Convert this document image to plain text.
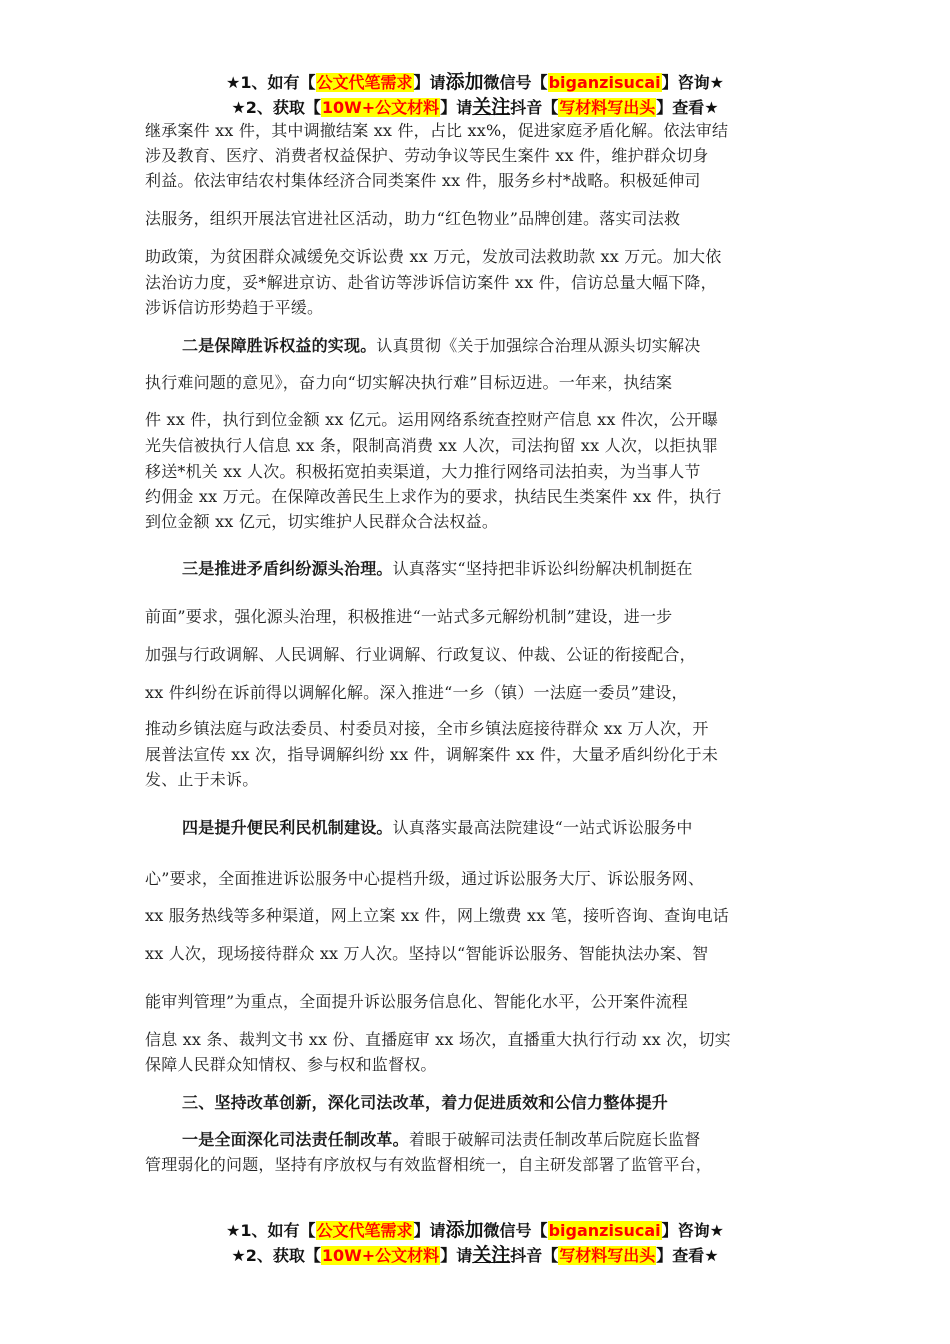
★1、如有【公文代笔需求】请添加微信号【biganzisucai】咨询★
★2、获取【10W+公文材料】请关注抖音【写材料写出头】查看★
继承案件 xx 件，其中调撤结案 xx 件，占比 xx%，促进家庭矛盾化解。依法审结
涉及教育、医疗、消费者权益保护、劳动争议等民生案件 xx 件，维护群众切身
利益。依法审结农村集体经济合同类案件 xx 件，服务乡村*战略。积极延伸司
法服务，组织开展法官进社区活动，助力“红色物业”品牌创建。落实司法救
助政策，为贫困群众减缓免交诉讼费 xx 万元，发放司法救助款 xx 万元。加大依
法治访力度，妥*解进京访、赴省访等涉诉信访案件 xx 件，信访总量大幅下降，
涉诉信访形势趋于平缓。
二是保障胜诉权益的实现。认真贯彻《关于加强综合治理从源头切实解决
执行难问题的意见》，奋力向“切实解决执行难”目标迈进。一年来，执结案
件 xx 件，执行到位金额 xx 亿元。运用网络系统查控财产信息 xx 件次，公开曝
光失信被执行人信息 xx 条，限制高消费 xx 人次，司法拘留 xx 人次，以拒执罪
移送*机关 xx 人次。积极拓宽拍卖渠道，大力推行网络司法拍卖，为当事人节
约佣金 xx 万元。在保障改善民生上求作为的要求，执结民生类案件 xx 件，执行
到位金额 xx 亿元，切实维护人民群众合法权益。
三是推进矛盾纠纷源头治理。认真落实“坚持把非诉讼纠纷解决机制挺在
前面”要求，强化源头治理，积极推进“一站式多元解纷机制”建设，进一步
加强与行政调解、人民调解、行业调解、行政复议、仲裁、公证的衔接配合，
xx 件纠纷在诉前得以调解化解。深入推进“一乡（镇）一法庭一委员”建设，
推动乡镇法庭与政法委员、村委员对接，全市乡镇法庭接待群众 xx 万人次，开
展普法宣传 xx 次，指导调解纠纷 xx 件，调解案件 xx 件，大量矛盾纠纷化于未
发、止于未诉。
四是提升便民利民机制建设。认真落实最高法院建设“一站式诉讼服务中
心”要求，全面推进诉讼服务中心提档升级，通过诉讼服务大厅、诉讼服务网、
xx 服务热线等多种渠道，网上立案 xx 件，网上缴费 xx 笔，接听咨询、查询电话
xx 人次，现场接待群众 xx 万人次。坚持以“智能诉讼服务、智能执法办案、智
能审判管理”为重点，全面提升诉讼服务信息化、智能化水平，公开案件流程
信息 xx 条、裁判文书 xx 份、直播庭审 xx 场次，直播重大执行行动 xx 次，切实
保障人民群众知情权、参与权和监督权。
三、坚持改革创新，深化司法改革，着力促进质效和公信力整体提升
一是全面深化司法责任制改革。着眼于破解司法责任制改革后院庭长监督
管理弱化的问题，坚持有序放权与有效监督相统一，自主研发部署了监管平台，
★1、如有【公文代笔需求】请添加微信号【biganzisucai】咨询★
★2、获取【10W+公文材料】请关注抖音【写材料写出头】查看★
